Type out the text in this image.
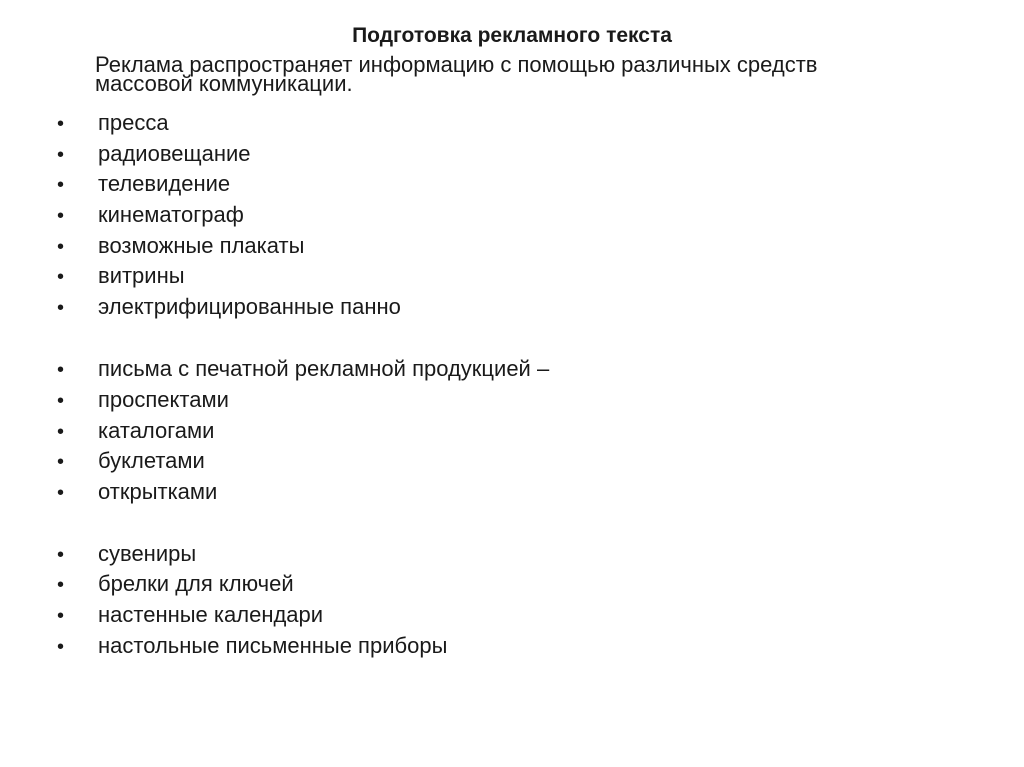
Подготовка рекламного текста
Реклама распространяет информацию с помощью различных средств
массовой коммуникации.
• пресса
• радиовещание
• телевидение
• кинематограф
• возможные плакаты
• витрины
• электрифицированные панно
• письма с печатной рекламной продукцией –
• проспектами
• каталогами
• буклетами
• открытками
• сувениры
• брелки для ключей
• настенные календари
• настольные письменные приборы
